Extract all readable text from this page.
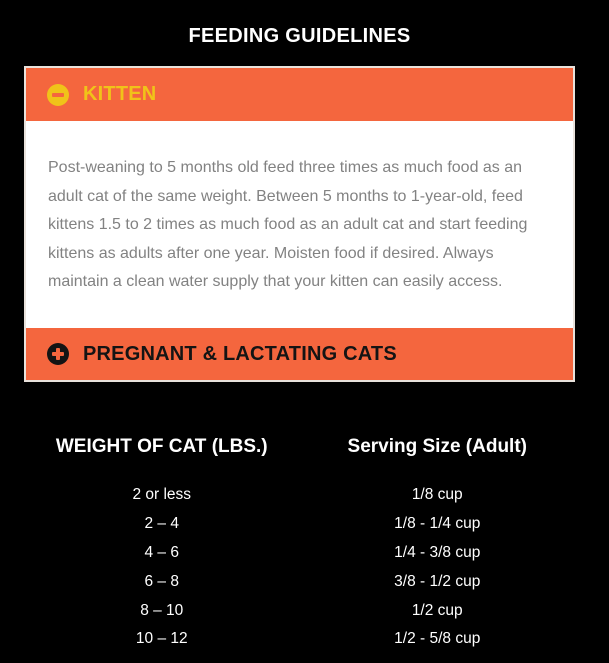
FEEDING GUIDELINES
KITTEN

Post-weaning to 5 months old feed three times as much food as an adult cat of the same weight. Between 5 months to 1-year-old, feed kittens 1.5 to 2 times as much food as an adult cat and start feeding kittens as adults after one year. Moisten food if desired. Always maintain a clean water supply that your kitten can easily access.

PREGNANT & LACTATING CATS
WEIGHT OF CAT (LBS.)	Serving Size (Adult)
2 or less	1/8 cup
2 – 4	1/8 - 1/4 cup
4 – 6	1/4 - 3/8 cup
6 – 8	3/8 - 1/2 cup
8 – 10	1/2 cup
10 – 12	1/2 - 5/8 cup
